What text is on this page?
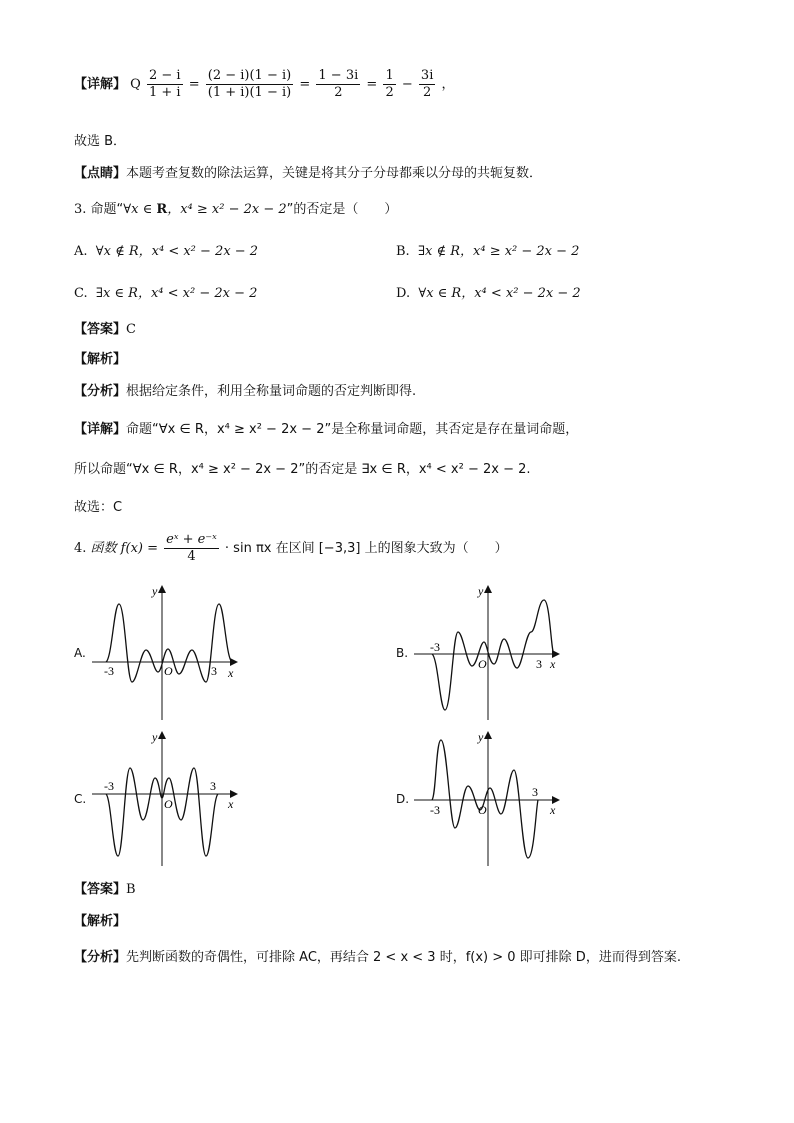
【详解】 Q $\frac{2 - i}{1 + i} = \frac{(2 - i)(1 - i)}{(1 + i)(1 - i)} = \frac{1 - 3i}{2} = \frac{1}{2} - \frac{3i}{2}$ ，
故选 B．
【点睛】本题考查复数的除法运算，关键是将其分子分母都乘以分母的共轭复数．
3. 命题“∀x ∈ R，x⁴ ≥ x² − 2x − 2”的否定是（　　）
A. ∀x ∉ R，x⁴ < x² − 2x − 2	B. ∃x ∉ R，x⁴ ≥ x² − 2x − 2
C. ∃x ∈ R，x⁴ < x² − 2x − 2	D. ∀x ∈ R，x⁴ < x² − 2x − 2
【答案】C
【解析】
【分析】根据给定条件，利用全称量词命题的否定判断即得.
【详解】命题“∀x ∈ R，x⁴ ≥ x² − 2x − 2”是全称量词命题，其否定是存在量词命题，
所以命题“∀x ∈ R，x⁴ ≥ x² − 2x − 2”的否定是 ∃x ∈ R，x⁴ < x² − 2x − 2.
故选：C
4. 函数 $f(x) = \frac{\text{eˣ + e⁻ˣ}}{4} \cdot \sin \pi x$ 在区间 [−3,3] 上的图象大致为（　　）
A.	B.
C.	D.
y
x
O
-3	3
y
x
O
-3
3
y
x
O
-3	3
y
x
O
-3
3
【答案】B
【解析】
【分析】先判断函数的奇偶性，可排除 AC，再结合 2 < x < 3 时，f(x) > 0 即可排除 D，进而得到答案.
